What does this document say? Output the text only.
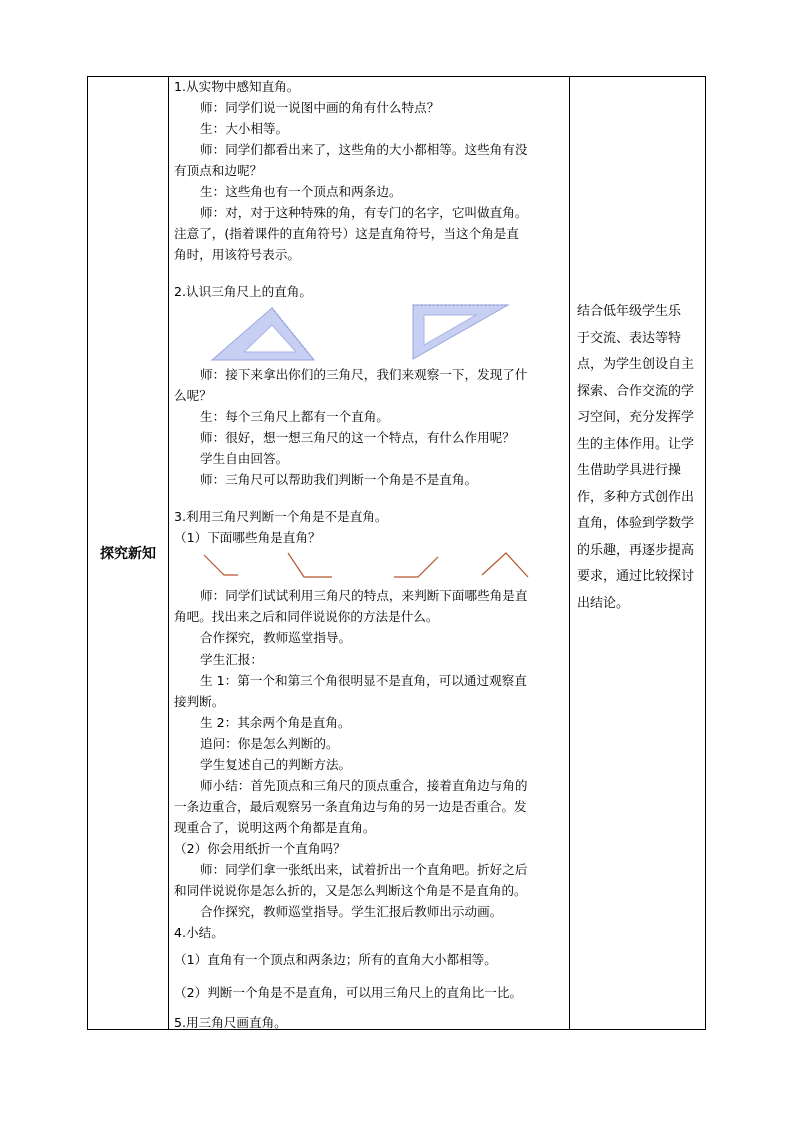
探究新知
1.从实物中感知直角。
师：同学们说一说图中画的角有什么特点？
生：大小相等。
师：同学们都看出来了，这些角的大小都相等。这些角有没
有顶点和边呢？
生：这些角也有一个顶点和两条边。
师：对，对于这种特殊的角，有专门的名字，它叫做直角。
注意了，(指着课件的直角符号）这是直角符号，当这个角是直
角时，用该符号表示。
2.认识三角尺上的直角。
师：接下来拿出你们的三角尺，我们来观察一下，发现了什
么呢？
生：每个三角尺上都有一个直角。
师：很好，想一想三角尺的这一个特点，有什么作用呢？
学生自由回答。
师：三角尺可以帮助我们判断一个角是不是直角。
3.利用三角尺判断一个角是不是直角。
（1）下面哪些角是直角？
师：同学们试试利用三角尺的特点，来判断下面哪些角是直
角吧。找出来之后和同伴说说你的方法是什么。
合作探究，教师巡堂指导。
学生汇报：
生 1：第一个和第三个角很明显不是直角，可以通过观察直
接判断。
生 2：其余两个角是直角。
追问：你是怎么判断的。
学生复述自己的判断方法。
师小结：首先顶点和三角尺的顶点重合，接着直角边与角的
一条边重合，最后观察另一条直角边与角的另一边是否重合。发
现重合了，说明这两个角都是直角。
（2）你会用纸折一个直角吗？
师：同学们拿一张纸出来，试着折出一个直角吧。折好之后
和同伴说说你是怎么折的，又是怎么判断这个角是不是直角的。
合作探究，教师巡堂指导。学生汇报后教师出示动画。
4.小结。
（1）直角有一个顶点和两条边；所有的直角大小都相等。
（2）判断一个角是不是直角，可以用三角尺上的直角比一比。
5.用三角尺画直角。
结合低年级学生乐
于交流、表达等特
点，为学生创设自主
探索、合作交流的学
习空间，充分发挥学
生的主体作用。让学
生借助学具进行操
作，多种方式创作出
直角，体验到学数学
的乐趣，再逐步提高
要求，通过比较探讨
出结论。
